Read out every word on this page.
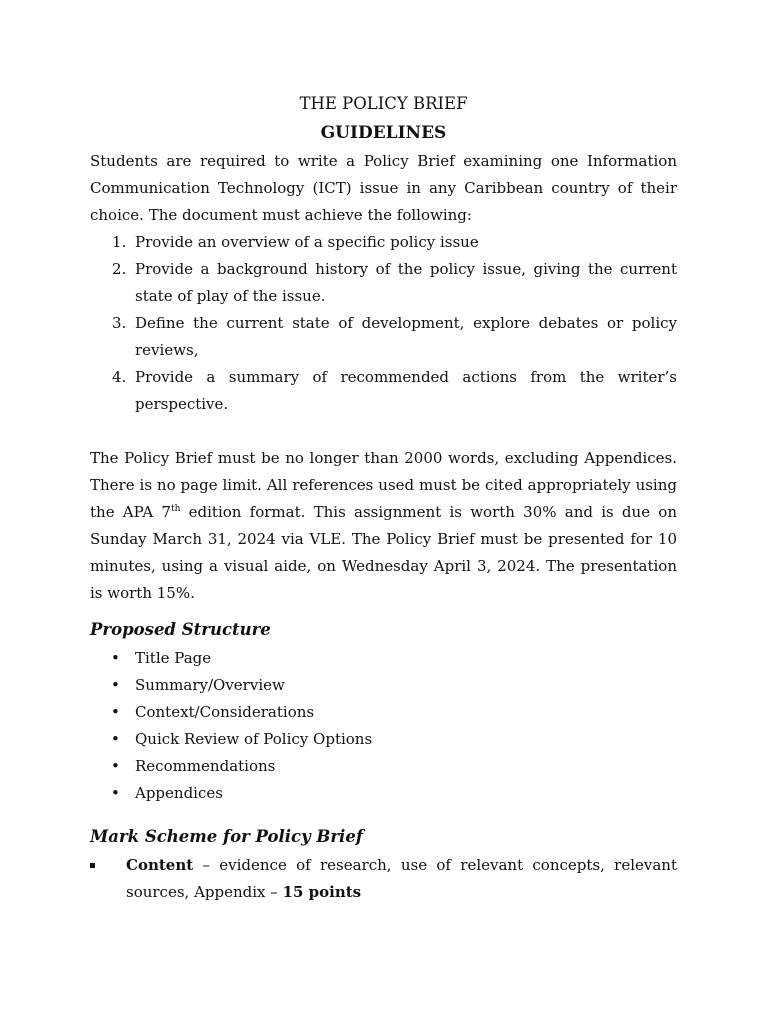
THE POLICY BRIEF
GUIDELINES

Students are required to write a Policy Brief examining one Information Communication Technology (ICT) issue in any Caribbean country of their choice. The document must achieve the following:

1. Provide an overview of a specific policy issue
2. Provide a background history of the policy issue, giving the current state of play of the issue.
3. Define the current state of development, explore debates or policy reviews,
4. Provide a summary of recommended actions from the writer’s perspective.

The Policy Brief must be no longer than 2000 words, excluding Appendices. There is no page limit. All references used must be cited appropriately using the APA 7th edition format. This assignment is worth 30% and is due on Sunday March 31, 2024 via VLE. The Policy Brief must be presented for 10 minutes, using a visual aide, on Wednesday April 3, 2024. The presentation is worth 15%.

Proposed Structure
• Title Page
• Summary/Overview
• Context/Considerations
• Quick Review of Policy Options
• Recommendations
• Appendices
Mark Scheme for Policy Brief
Content – evidence of research, use of relevant concepts, relevant sources, Appendix – 15 points
